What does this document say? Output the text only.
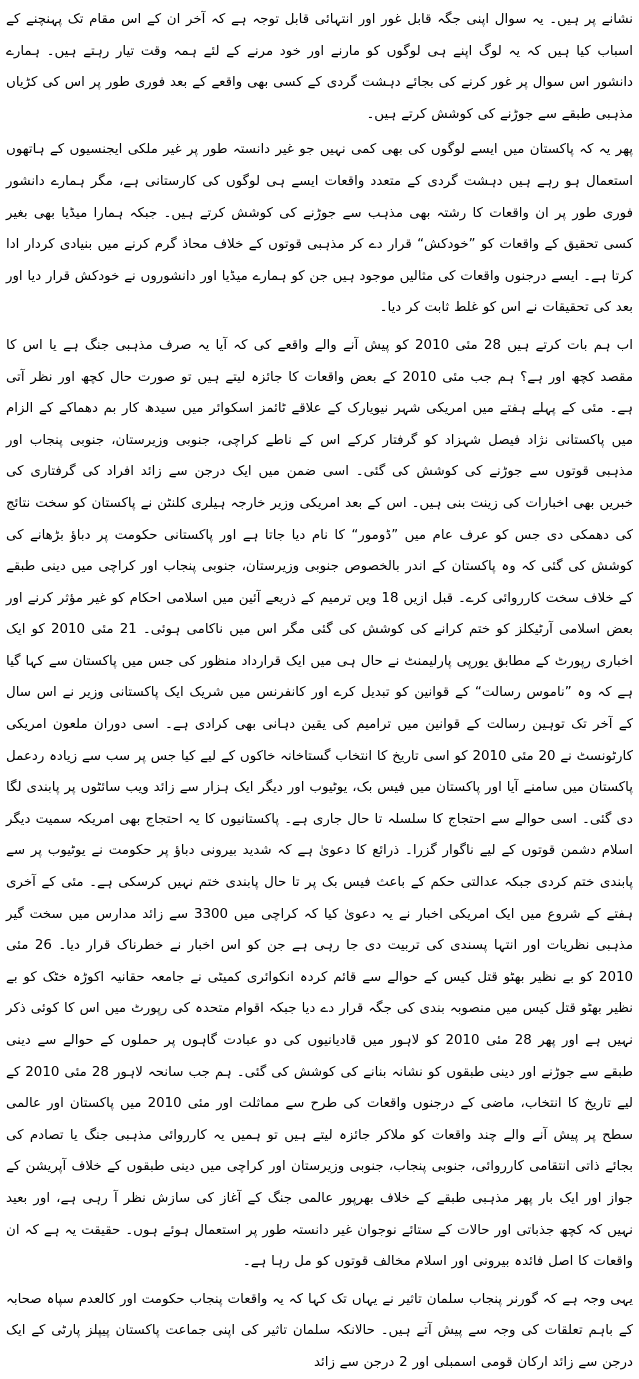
نشانے پر ہیں۔ یہ سوال اپنی جگہ قابل غور اور انتہائی قابل توجہ ہے کہ آخر ان کے اس مقام تک پہنچنے کے اسباب کیا ہیں کہ یہ لوگ اپنے ہی لوگوں کو مارنے اور خود مرنے کے لئے ہمہ وقت تیار رہتے ہیں۔ ہمارے دانشور اس سوال پر غور کرنے کی بجائے دہشت گردی کے کسی بھی واقعے کے بعد فوری طور پر اس کی کڑیاں مذہبی طبقے سے جوڑنے کی کوشش کرتے ہیں۔

پھر یہ کہ پاکستان میں ایسے لوگوں کی بھی کمی نہیں جو غیر دانستہ طور پر غیر ملکی ایجنسیوں کے ہاتھوں استعمال ہو رہے ہیں دہشت گردی کے متعدد واقعات ایسے ہی لوگوں کی کارستانی ہے، مگر ہمارے دانشور فوری طور پر ان واقعات کا رشتہ بھی مذہب سے جوڑنے کی کوشش کرتے ہیں۔ جبکہ ہمارا میڈیا بھی بغیر کسی تحقیق کے واقعات کو ”خودکش“ قرار دے کر مذہبی قوتوں کے خلاف محاذ گرم کرنے میں بنیادی کردار ادا کرتا ہے۔ ایسے درجنوں واقعات کی مثالیں موجود ہیں جن کو ہمارے میڈیا اور دانشوروں نے خودکش قرار دیا اور بعد کی تحقیقات نے اس کو غلط ثابت کر دیا۔

اب ہم بات کرتے ہیں 28 مئی 2010 کو پیش آنے والے واقعے کی کہ آیا یہ صرف مذہبی جنگ ہے یا اس کا مقصد کچھ اور ہے؟ ہم جب مئی 2010 کے بعض واقعات کا جائزہ لیتے ہیں تو صورت حال کچھ اور نظر آتی ہے۔ مئی کے پہلے ہفتے میں امریکی شہر نیویارک کے علاقے ٹائمز اسکوائر میں سیدھ کار بم دھماکے کے الزام میں پاکستانی نژاد فیصل شہزاد کو گرفتار کرکے اس کے ناطے کراچی، جنوبی وزیرستان، جنوبی پنجاب اور مذہبی قوتوں سے جوڑنے کی کوشش کی گئی۔ اسی ضمن میں ایک درجن سے زائد افراد کی گرفتاری کی خبریں بھی اخبارات کی زینت بنی ہیں۔ اس کے بعد امریکی وزیر خارجہ ہیلری کلنٹن نے پاکستان کو سخت نتائج کی دھمکی دی جس کو عرف عام میں ”ڈومور“ کا نام دیا جاتا ہے اور پاکستانی حکومت پر دباؤ بڑھانے کی کوشش کی گئی کہ وہ پاکستان کے اندر بالخصوص جنوبی وزیرستان، جنوبی پنجاب اور کراچی میں دینی طبقے کے خلاف سخت کارروائی کرے۔ قبل ازیں 18 ویں ترمیم کے ذریعے آئین میں اسلامی احکام کو غیر مؤثر کرنے اور بعض اسلامی آرٹیکلز کو ختم کرانے کی کوشش کی گئی مگر اس میں ناکامی ہوئی۔ 21 مئی 2010 کو ایک اخباری رپورٹ کے مطابق یورپی پارلیمنٹ نے حال ہی میں ایک قرارداد منظور کی جس میں پاکستان سے کہا گیا ہے کہ وہ ”ناموس رسالت“ کے قوانین کو تبدیل کرے اور کانفرنس میں شریک ایک پاکستانی وزیر نے اس سال کے آخر تک توہین رسالت کے قوانین میں ترامیم کی یقین دہانی بھی کرادی ہے۔ اسی دوران ملعون امریکی کارٹونسٹ نے 20 مئی 2010 کو اسی تاریخ کا انتخاب گستاخانہ خاکوں کے لیے کیا جس پر سب سے زیادہ ردعمل پاکستان میں سامنے آیا اور پاکستان میں فیس بک، یوٹیوب اور دیگر ایک ہزار سے زائد ویب سائٹوں پر پابندی لگا دی گئی۔ اسی حوالے سے احتجاج کا سلسلہ تا حال جاری ہے۔ پاکستانیوں کا یہ احتجاج بھی امریکہ سمیت دیگر اسلام دشمن قوتوں کے لیے ناگوار گزرا۔ ذرائع کا دعویٰ ہے کہ شدید بیرونی دباؤ پر حکومت نے یوٹیوب پر سے پابندی ختم کردی جبکہ عدالتی حکم کے باعث فیس بک پر تا حال پابندی ختم نہیں کرسکی ہے۔ مئی کے آخری ہفتے کے شروع میں ایک امریکی اخبار نے یہ دعویٰ کیا کہ کراچی میں 3300 سے زائد مدارس میں سخت گیر مذہبی نظریات اور انتہا پسندی کی تربیت دی جا رہی ہے جن کو اس اخبار نے خطرناک قرار دیا۔ 26 مئی 2010 کو بے نظیر بھٹو قتل کیس کے حوالے سے قائم کردہ انکوائری کمیٹی نے جامعہ حقانیہ اکوڑہ خٹک کو بے نظیر بھٹو قتل کیس میں منصوبہ بندی کی جگہ قرار دے دیا جبکہ اقوام متحدہ کی رپورٹ میں اس کا کوئی ذکر نہیں ہے اور پھر 28 مئی 2010 کو لاہور میں قادیانیوں کی دو عبادت گاہوں پر حملوں کے حوالے سے دینی طبقے سے جوڑنے اور دینی طبقوں کو نشانہ بنانے کی کوشش کی گئی۔ ہم جب سانحہ لاہور 28 مئی 2010 کے لیے تاریخ کا انتخاب، ماضی کے درجنوں واقعات کی طرح سے مماثلت اور مئی 2010 میں پاکستان اور عالمی سطح پر پیش آنے والے چند واقعات کو ملاکر جائزہ لیتے ہیں تو ہمیں یہ کارروائی مذہبی جنگ یا تصادم کی بجائے ذاتی انتقامی کارروائی، جنوبی پنجاب، جنوبی وزیرستان اور کراچی میں دینی طبقوں کے خلاف آپریشن کے جواز اور ایک بار پھر مذہبی طبقے کے خلاف بھرپور عالمی جنگ کے آغاز کی سازش نظر آ رہی ہے، اور بعید نہیں کہ کچھ جذباتی اور حالات کے ستائے نوجوان غیر دانستہ طور پر استعمال ہوئے ہوں۔ حقیقت یہ ہے کہ ان واقعات کا اصل فائدہ بیرونی اور اسلام مخالف قوتوں کو مل رہا ہے۔

یہی وجہ ہے کہ گورنر پنجاب سلمان تاثیر نے یہاں تک کہا کہ یہ واقعات پنجاب حکومت اور کالعدم سپاہ صحابہ کے باہم تعلقات کی وجہ سے پیش آتے ہیں۔ حالانکہ سلمان تاثیر کی اپنی جماعت پاکستان پیپلز پارٹی کے ایک درجن سے زائد ارکان قومی اسمبلی اور 2 درجن سے زائد
